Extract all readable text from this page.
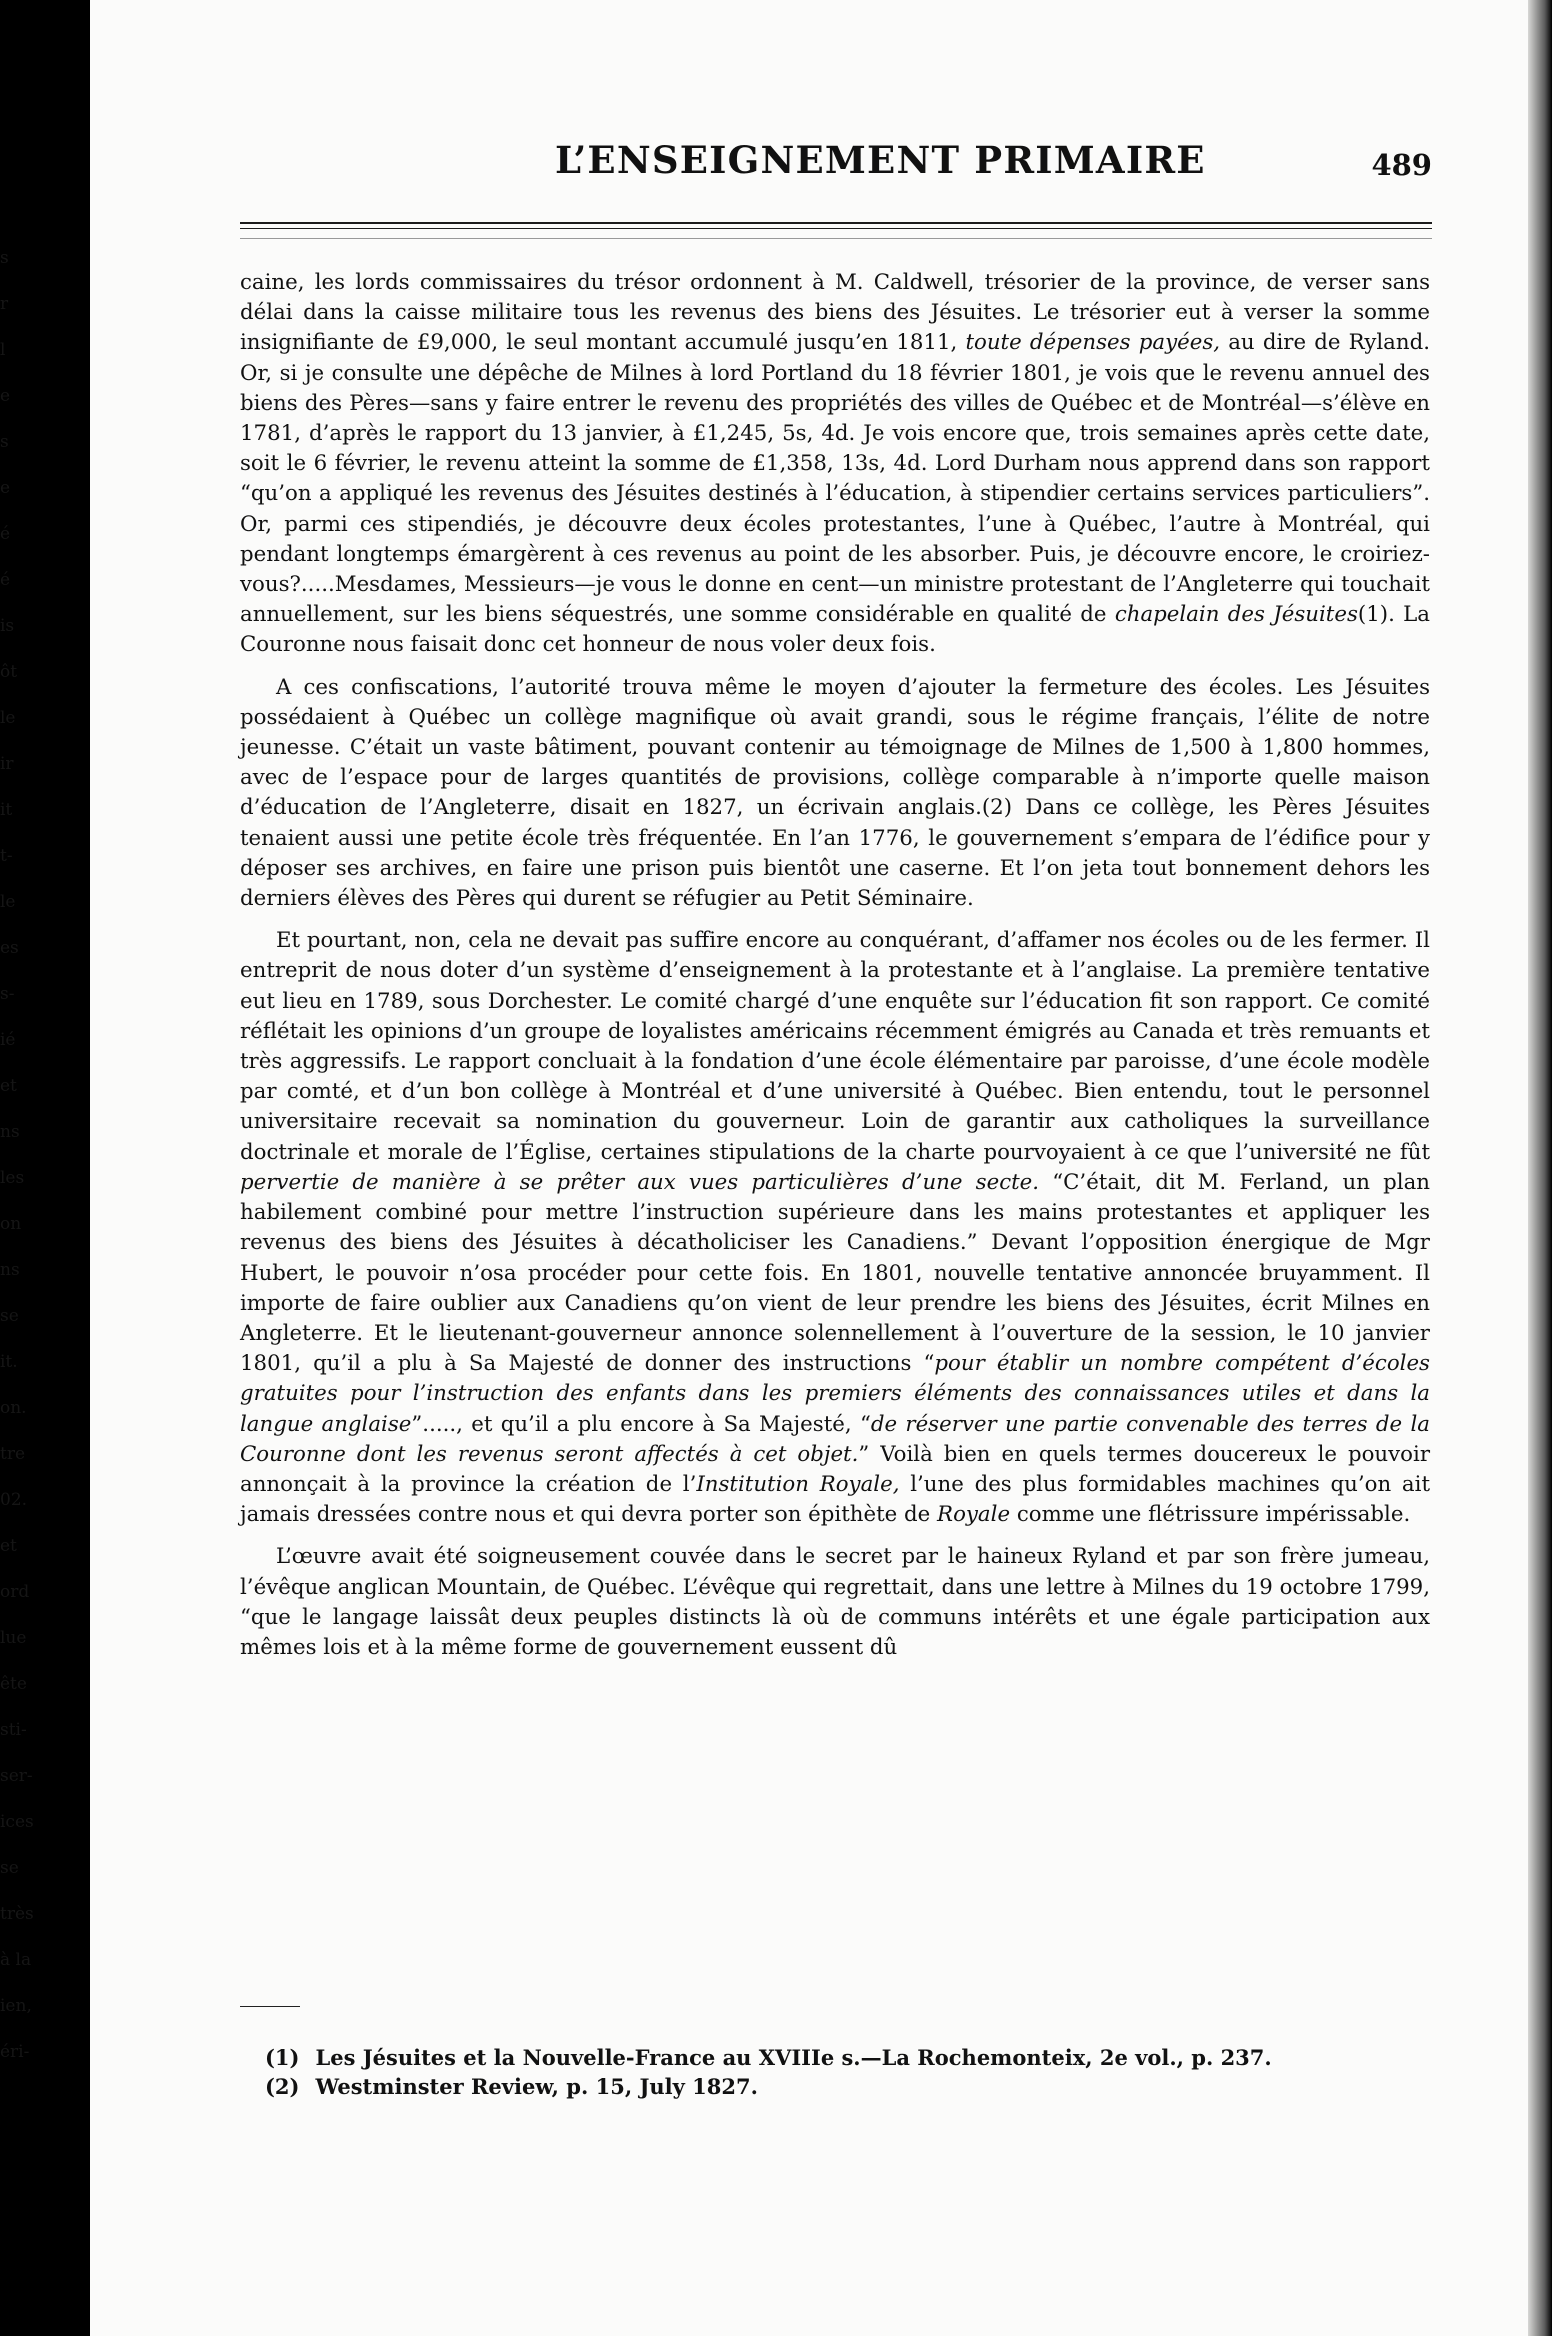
L’ENSEIGNEMENT PRIMAIRE	489

caine, les lords commissaires du trésor ordonnent à M. Caldwell, trésorier de la province, de verser sans délai dans la caisse militaire tous les revenus des biens des Jésuites. Le trésorier eut à verser la somme insignifiante de £9,000, le seul montant accumulé jusqu’en 1811, toute dépenses payées, au dire de Ryland. Or, si je consulte une dépêche de Milnes à lord Portland du 18 février 1801, je vois que le revenu annuel des biens des Pères—sans y faire entrer le revenu des propriétés des villes de Québec et de Montréal—s’élève en 1781, d’après le rapport du 13 janvier, à £1,245, 5s, 4d. Je vois encore que, trois semaines après cette date, soit le 6 février, le revenu atteint la somme de £1,358, 13s, 4d. Lord Durham nous apprend dans son rapport “qu’on a appliqué les revenus des Jésuites destinés à l’éducation, à stipendier certains services particuliers”. Or, parmi ces stipendiés, je découvre deux écoles protestantes, l’une à Québec, l’autre à Montréal, qui pendant longtemps émargèrent à ces revenus au point de les absorber. Puis, je découvre encore, le croiriez-vous?.....Mesdames, Messieurs—je vous le donne en cent—un ministre protestant de l’Angleterre qui touchait annuellement, sur les biens séquestrés, une somme considérable en qualité de chapelain des Jésuites(1). La Couronne nous faisait donc cet honneur de nous voler deux fois.

A ces confiscations, l’autorité trouva même le moyen d’ajouter la fermeture des écoles. Les Jésuites possédaient à Québec un collège magnifique où avait grandi, sous le régime français, l’élite de notre jeunesse. C’était un vaste bâtiment, pouvant contenir au témoignage de Milnes de 1,500 à 1,800 hommes, avec de l’espace pour de larges quantités de provisions, collège comparable à n’importe quelle maison d’éducation de l’Angleterre, disait en 1827, un écrivain anglais.(2) Dans ce collège, les Pères Jésuites tenaient aussi une petite école très fréquentée. En l’an 1776, le gouvernement s’empara de l’édifice pour y déposer ses archives, en faire une prison puis bientôt une caserne. Et l’on jeta tout bonnement dehors les derniers élèves des Pères qui durent se réfugier au Petit Séminaire.

Et pourtant, non, cela ne devait pas suffire encore au conquérant, d’affamer nos écoles ou de les fermer. Il entreprit de nous doter d’un système d’enseignement à la protestante et à l’anglaise. La première tentative eut lieu en 1789, sous Dorchester. Le comité chargé d’une enquête sur l’éducation fit son rapport. Ce comité réflétait les opinions d’un groupe de loyalistes américains récemment émigrés au Canada et très remuants et très aggressifs. Le rapport concluait à la fondation d’une école élémentaire par paroisse, d’une école modèle par comté, et d’un bon collège à Montréal et d’une université à Québec. Bien entendu, tout le personnel universitaire recevait sa nomination du gouverneur. Loin de garantir aux catholiques la surveillance doctrinale et morale de l’Église, certaines stipulations de la charte pourvoyaient à ce que l’université ne fût pervertie de manière à se prêter aux vues particulières d’une secte. “C’était, dit M. Ferland, un plan habilement combiné pour mettre l’instruction supérieure dans les mains protestantes et appliquer les revenus des biens des Jésuites à décatholiciser les Canadiens.” Devant l’opposition énergique de Mgr Hubert, le pouvoir n’osa procéder pour cette fois. En 1801, nouvelle tentative annoncée bruyamment. Il importe de faire oublier aux Canadiens qu’on vient de leur prendre les biens des Jésuites, écrit Milnes en Angleterre. Et le lieutenant-gouverneur annonce solennellement à l’ouverture de la session, le 10 janvier 1801, qu’il a plu à Sa Majesté de donner des instructions “pour établir un nombre compétent d’écoles gratuites pour l’instruction des enfants dans les premiers éléments des connaissances utiles et dans la langue anglaise”....., et qu’il a plu encore à Sa Majesté, “de réserver une partie convenable des terres de la Couronne dont les revenus seront affectés à cet objet.” Voilà bien en quels termes doucereux le pouvoir annonçait à la province la création de l’Institution Royale, l’une des plus formidables machines qu’on ait jamais dressées contre nous et qui devra porter son épithète de Royale comme une flétrissure impérissable.

L’œuvre avait été soigneusement couvée dans le secret par le haineux Ryland et par son frère jumeau, l’évêque anglican Mountain, de Québec. L’évêque qui regrettait, dans une lettre à Milnes du 19 octobre 1799, “que le langage laissât deux peuples distincts là où de communs intérêts et une égale participation aux mêmes lois et à la même forme de gouvernement eussent dû

(1) Les Jésuites et la Nouvelle-France au XVIIIe s.—La Rochemonteix, 2e vol., p. 237.
(2) Westminster Review, p. 15, July 1827.
s
r
l
e
s
e
é
é
is
ôt
le
ir
it
t-
le
es
s-
ié
et
ns
les
on
ns
se
it.
on.
tre
02.
et
ord
lue
ête
sti-
ser-
ices
se
très
à la
ien,
éri-
